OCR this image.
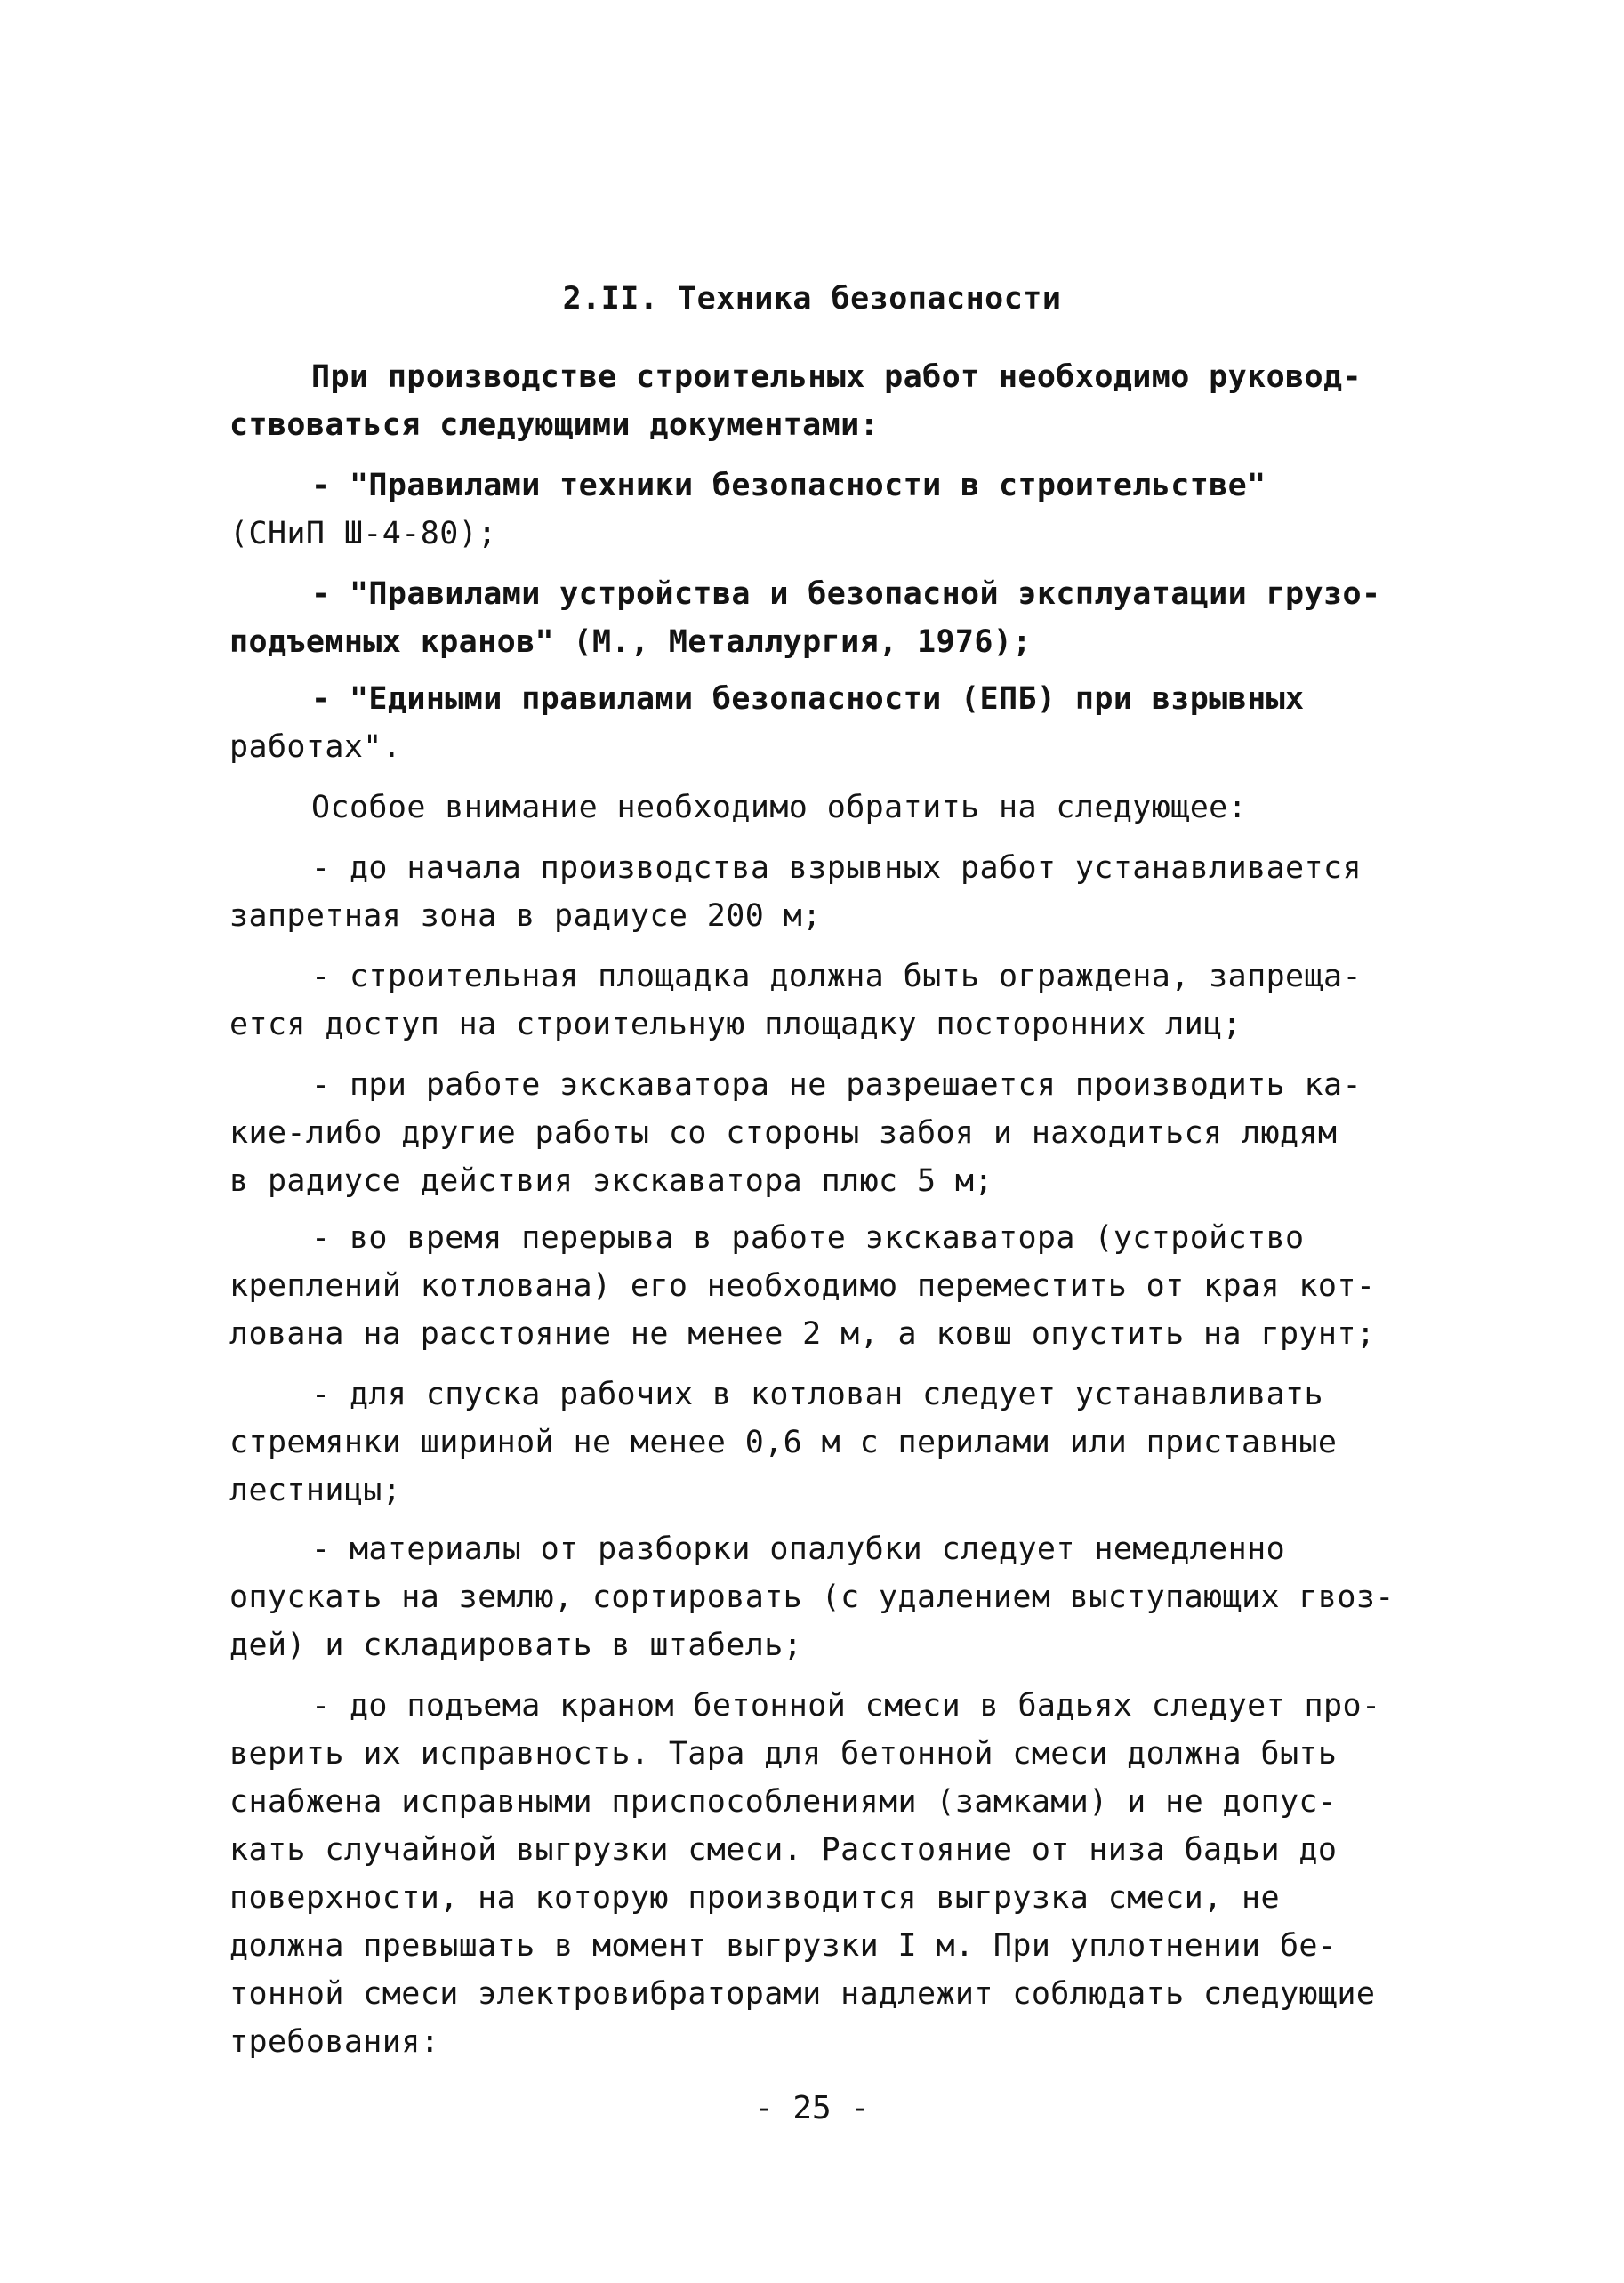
2.II. Техника безопасности
При производстве строительных работ необходимо руковод-
ствоваться следующими документами:
- "Правилами техники безопасности в строительстве"
(СНиП Ш-4-80);
- "Правилами устройства и безопасной эксплуатации грузо-
подъемных кранов" (М., Металлургия, 1976);
- "Едиными правилами безопасности (ЕПБ) при взрывных
работах".
Особое внимание необходимо обратить на следующее:
- до начала производства взрывных работ устанавливается
запретная зона в радиусе 200 м;
- строительная площадка должна быть ограждена, запреща-
ется доступ на строительную площадку посторонних лиц;
- при работе экскаватора не разрешается производить ка-
кие-либо другие работы со стороны забоя и находиться людям
в радиусе действия экскаватора плюс 5 м;
- во время перерыва в работе экскаватора (устройство
креплений котлована) его необходимо переместить от края кот-
лована на расстояние не менее 2 м, а ковш опустить на грунт;
- для спуска рабочих в котлован следует устанавливать
стремянки шириной не менее 0,6 м с перилами или приставные
лестницы;
- материалы от разборки опалубки следует немедленно
опускать на землю, сортировать (с удалением выступающих гвоз-
дей) и складировать в штабель;
- до подъема краном бетонной смеси в бадьях следует про-
верить их исправность. Тара для бетонной смеси должна быть
снабжена исправными приспособлениями (замками) и не допус-
кать случайной выгрузки смеси. Расстояние от низа бадьи до
поверхности, на которую производится выгрузка смеси, не
должна превышать в момент выгрузки I м. При уплотнении бе-
тонной смеси электровибраторами надлежит соблюдать следующие
требования:
- 25 -
